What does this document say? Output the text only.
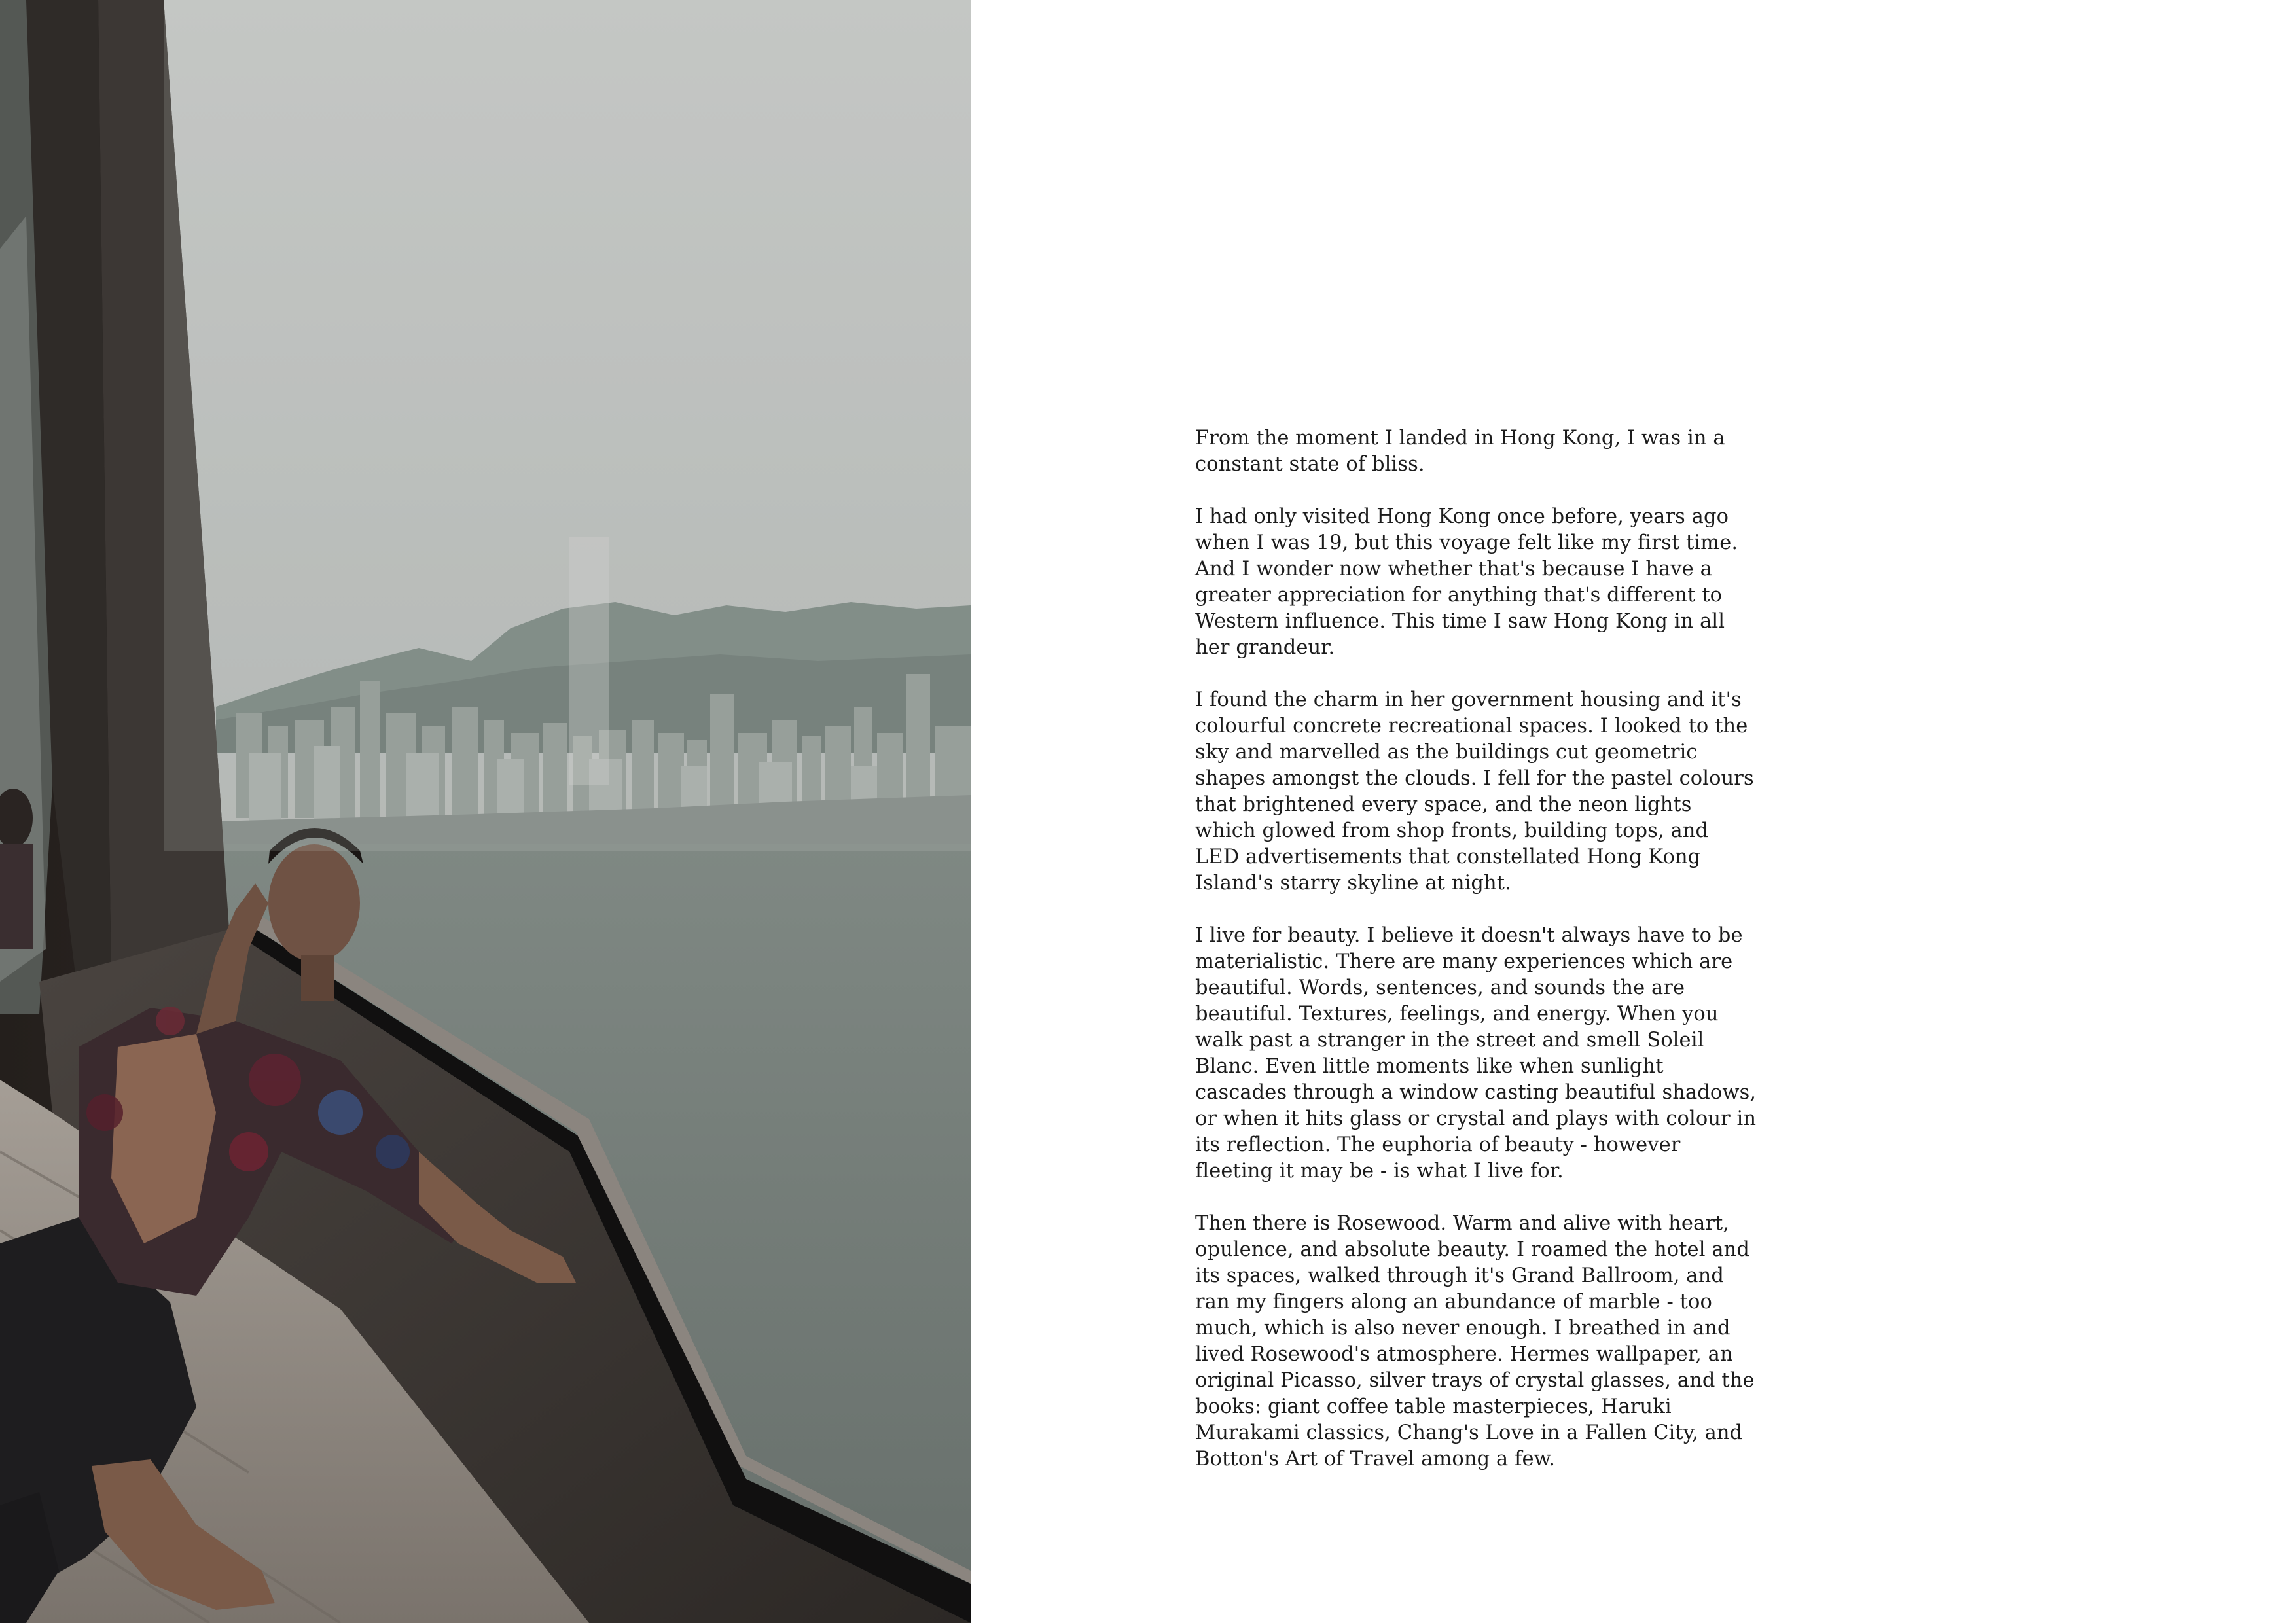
From the moment I landed in Hong Kong, I was in a constant state of bliss.

I had only visited Hong Kong once before, years ago when I was 19, but this voyage felt like my first time. And I wonder now whether that's because I have a greater appreciation for anything that's different to Western influence. This time I saw Hong Kong in all her grandeur.

I found the charm in her government housing and it's colourful concrete recreational spaces. I looked to the sky and marvelled as the buildings cut geometric shapes amongst the clouds. I fell for the pastel colours that brightened every space, and the neon lights which glowed from shop fronts, building tops, and LED advertisements that constellated Hong Kong Island's starry skyline at night.

I live for beauty. I believe it doesn't always have to be materialistic. There are many experiences which are beautiful. Words, sentences, and sounds the are beautiful. Textures, feelings, and energy. When you walk past a stranger in the street and smell Soleil Blanc. Even little moments like when sunlight cascades through a window casting beautiful shadows, or when it hits glass or crystal and plays with colour in its reflection. The euphoria of beauty - however fleeting it may be - is what I live for.

Then there is Rosewood. Warm and alive with heart, opulence, and absolute beauty. I roamed the hotel and its spaces, walked through it's Grand Ballroom, and ran my fingers along an abundance of marble - too much, which is also never enough. I breathed in and lived Rosewood's atmosphere. Hermes wallpaper, an original Picasso, silver trays of crystal glasses, and the books: giant coffee table masterpieces, Haruki Murakami classics, Chang's Love in a Fallen City, and Botton's Art of Travel among a few.
